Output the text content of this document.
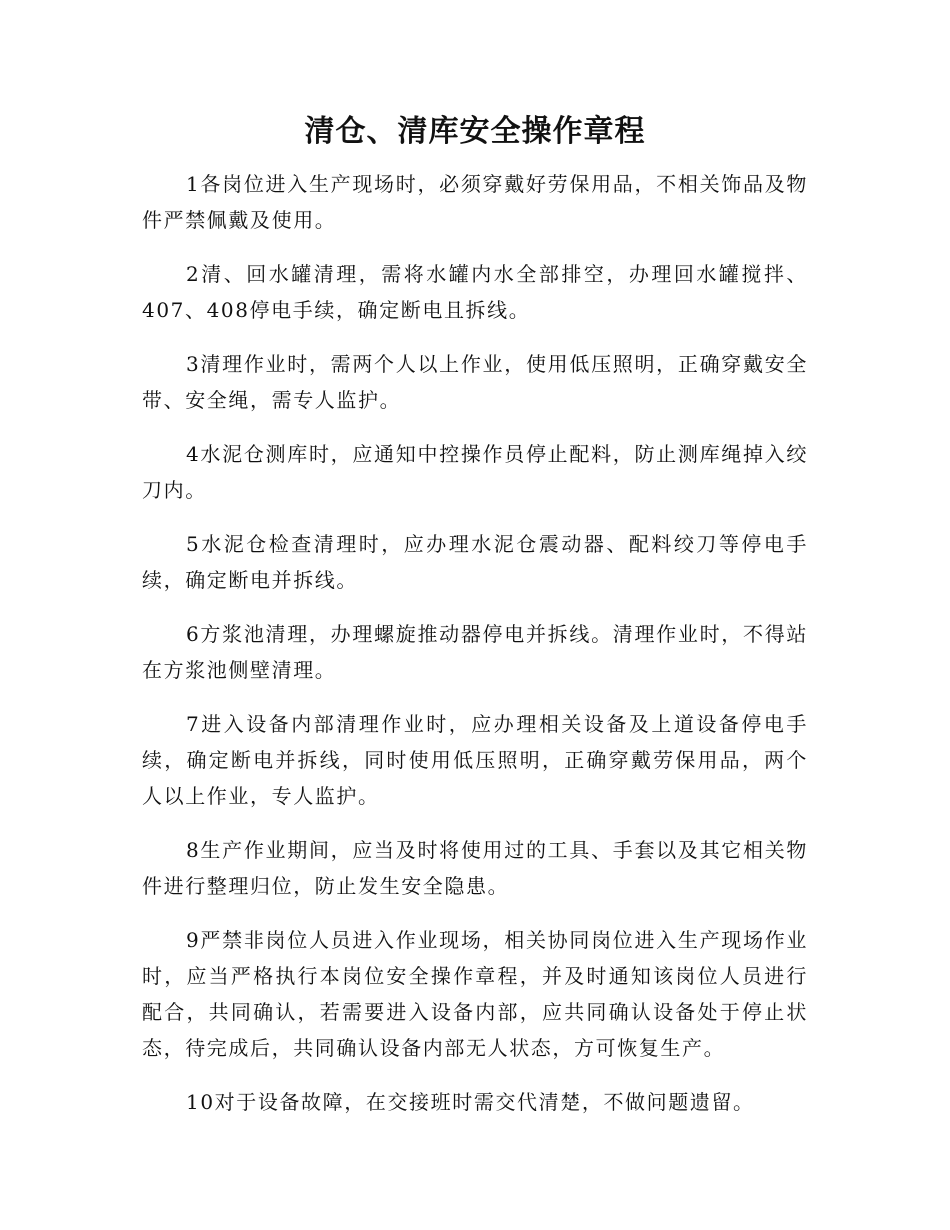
清仓、清库安全操作章程

1各岗位进入生产现场时，必须穿戴好劳保用品，不相关饰品及物件严禁佩戴及使用。

2清、回水罐清理，需将水罐内水全部排空，办理回水罐搅拌、407、408停电手续，确定断电且拆线。

3清理作业时，需两个人以上作业，使用低压照明，正确穿戴安全带、安全绳，需专人监护。

4水泥仓测库时，应通知中控操作员停止配料，防止测库绳掉入绞刀内。

5水泥仓检查清理时，应办理水泥仓震动器、配料绞刀等停电手续，确定断电并拆线。

6方浆池清理，办理螺旋推动器停电并拆线。清理作业时，不得站在方浆池侧壁清理。

7进入设备内部清理作业时，应办理相关设备及上道设备停电手续，确定断电并拆线，同时使用低压照明，正确穿戴劳保用品，两个人以上作业，专人监护。

8生产作业期间，应当及时将使用过的工具、手套以及其它相关物件进行整理归位，防止发生安全隐患。

9严禁非岗位人员进入作业现场，相关协同岗位进入生产现场作业时，应当严格执行本岗位安全操作章程，并及时通知该岗位人员进行配合，共同确认，若需要进入设备内部，应共同确认设备处于停止状态，待完成后，共同确认设备内部无人状态，方可恢复生产。

10对于设备故障，在交接班时需交代清楚，不做问题遗留。
